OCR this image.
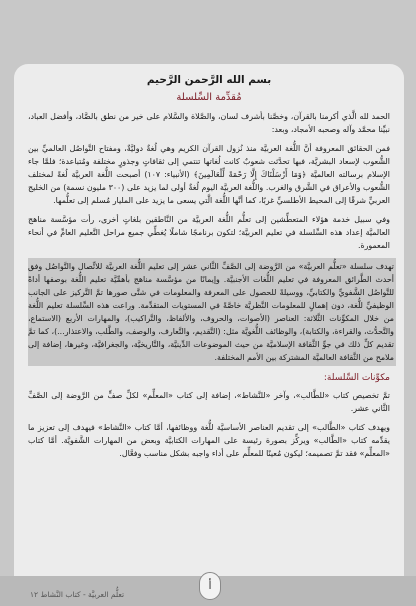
بسم الله الرَّحمن الرَّحيم
مُقدِّمة السِّلسلة

الحمد لله الَّذي أكرمنا بالقرآن، وخصَّنا بأشرف لسان، والصَّلاة والسَّلام على خير من نطق بالضَّاد، وأفضل العباد، نبيِّنا محمَّد وآله وصحبه الأمجاد، وبعد:

فمن الحقائق المعروفة أنَّ اللُّغة العربيَّة منذ نُزول القرآن الكريم وهي لُغةٌ دوليَّةٌ، ومفتاح التَّواصُل العالميِّ بين الشُّعوب لإسعاد البشريَّة، فبها تحدَّثت شعوبٌ كانت لُغاتها تنتمي إلى ثقافاتٍ وجذورٍ مختلفة ومُتباعدة؛ فلمَّا جاء الإسلام برسالته العالميَّة ﴿وَمَا أَرْسَلْنَاكَ إِلَّا رَحْمَةً لِّلْعَالَمِينَ﴾ (الأنبياء: ١٠٧) أصبحت اللُّغة العربيَّة لُغةً لمختلف الشُّعوب والأعراق في الشَّرق والغرب. واللُّغة العربيَّة اليوم لُغةٌ أولى لما يزيد على (٣٠٠ مليون نسمة) من الخليج العربيِّ شرقًا إلى المحيط الأطلسيِّ غربًا، كما أنَّها اللُّغة الَّتي يسعى ما يزيد على المليار مُسلم إلى تعلُّمها.

وفي سبيل خدمة هؤلاء المتعطِّشين إلى تعلُّم اللُّغة العربيَّة من النَّاطقين بلغاتٍ أخرى، رأت مؤسَّسة مناهج العالميَّة إعداد هذه السِّلسلة في تعليم العربيَّة؛ لتكون برنامجًا شاملًا يُغطِّي جميع مراحل التَّعليم العامِّ في أنحاء المعمورة.

تهدف سلسلة «تعلُّم العربيَّة» من الرَّوضة إلى الصَّفِّ الثَّاني عشر إلى تعليم اللُّغة العربيَّة للاتِّصال والتَّواصُل وفق أحدث الطَّرائق المعروفة في تعليم اللُّغات الأجنبيَّة. وإيمانًا من مؤسَّسة مناهج بأهمِّيَّة تعليم اللُّغة بوصفها أداةً للتَّواصُل الشَّفويِّ والكتابيِّ، ووسيلةً للحصول على المعرفة والمعلومات في شتَّى صورها تمَّ التَّركيز على الجانب الوظيفيِّ للُّغة، دون إهمالٍ للمعلومات النَّظريَّة خاصَّةً في المستويات المتقدِّمة. وراعت هذه السِّلسلة تعليم اللُّغة من خلال المكوِّنات الثَّلاثة: العناصر (الأصوات، والحروف، والألفاظ، والتَّراكيب)، والمهارات الأربع (الاستماع، والتَّحدُّث، والقراءة، والكتابة)، والوظائف اللُّغويَّة مثل: (التَّقديم، والتَّعارف، والوصف، والطَّلب، والاعتذار...)، كما تمَّ تقديم كلِّ ذلك في جوِّ الثَّقافة الإسلاميَّة من حيث الموضوعات الدِّينيَّة، والتَّاريخيَّة، والجغرافيَّة، وغيرها، إضافة إلى ملامح من الثَّقافة العالميَّة المشتركة بين الأمم المختلفة.

مكوِّنات السِّلسلة:

تمَّ تخصيص كتاب «للطَّالب»، وآخر «للنَّشاط»، إضافة إلى كتاب «المعلِّم» لكلِّ صفٍّ من الرَّوضة إلى الصَّفِّ الثَّاني عشر.

ويهدف كتاب «الطَّالب» إلى تقديم العناصر الأساسيَّة للُّغة ووظائفها، أمَّا كتاب «النَّشاط» فيهدف إلى تعزيز ما يقدِّمه كتاب «الطَّالب» ويركِّز بصورة رئيسة على المهارات الكتابيَّة وبعض من المهارات الشَّفويَّة. أمَّا كتاب «المعلِّم» فقد تمَّ تصميمه؛ ليكون مُعينًا للمعلِّم على أداء واجبه بشكل مناسب وفعَّال.

تعلُّم العربيَّة - كتاب النَّشاط ١٢
أ
